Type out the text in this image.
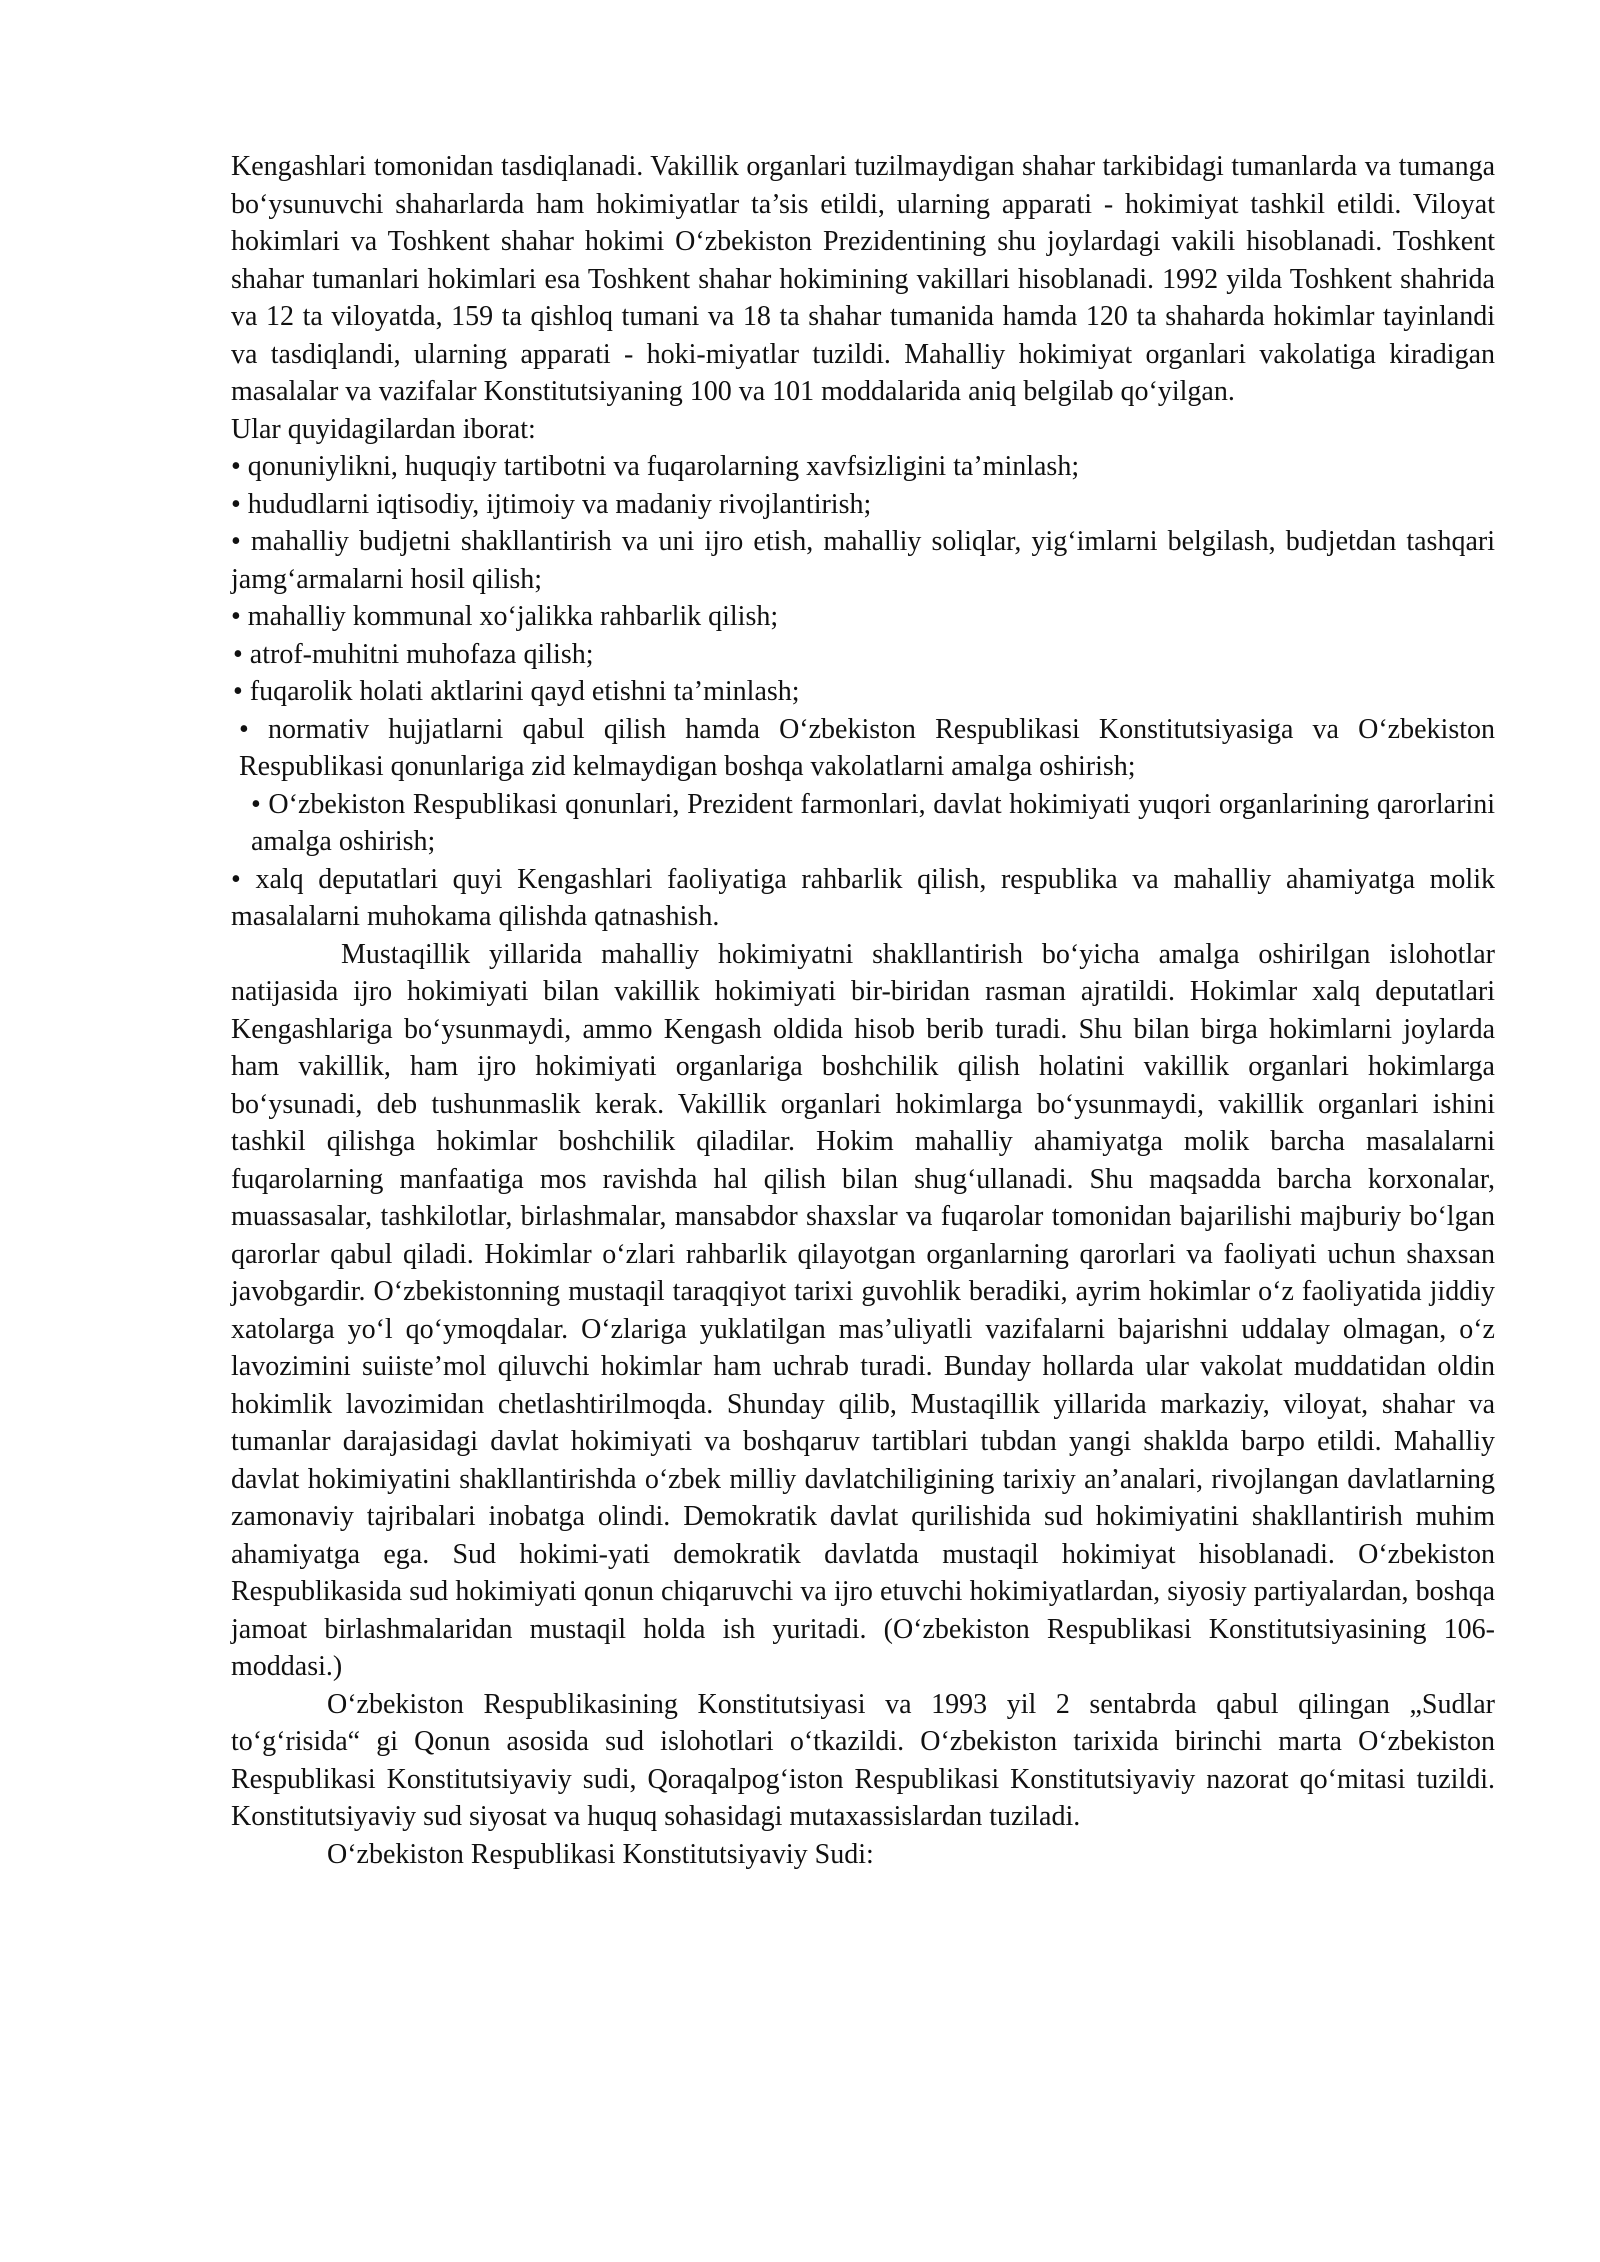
Kengashlari tomonidan tasdiqlanadi. Vakillik organlari tuzilmaydigan shahar tarkibidagi tumanlarda va tumanga bo‘ysunuvchi shaharlarda ham hokimiyatlar ta’sis etildi, ularning apparati - hokimiyat tashkil etildi. Viloyat hokimlari va Toshkent shahar hokimi O‘zbekiston Prezidentining shu joylardagi vakili hisoblanadi. Toshkent shahar tumanlari hokimlari esa Toshkent shahar hokimining vakillari hisoblanadi. 1992 yilda Toshkent shahrida va 12 ta viloyatda, 159 ta qishloq tumani va 18 ta shahar tumanida hamda 120 ta shaharda hokimlar tayinlandi va tasdiqlandi, ularning apparati - hoki-miyatlar tuzildi. Mahalliy hokimiyat organlari vakolatiga kiradigan masalalar va vazifalar Konstitutsiyaning 100 va 101 moddalarida aniq belgilab qo‘yilgan.

Ular quyidagilardan iborat:

• qonuniylikni, huquqiy tartibotni va fuqarolarning xavfsizligini ta’minlash;

• hududlarni iqtisodiy, ijtimoiy va madaniy rivojlantirish;

• mahalliy budjetni shakllantirish va uni ijro etish, mahalliy soliqlar, yig‘imlarni belgilash, budjetdan tashqari jamg‘armalarni hosil qilish;

• mahalliy kommunal xo‘jalikka rahbarlik qilish;

• atrof-muhitni muhofaza qilish;

• fuqarolik holati aktlarini qayd etishni ta’minlash;

• normativ hujjatlarni qabul qilish hamda O‘zbekiston Respublikasi Konstitutsiyasiga va O‘zbekiston Respublikasi qonunlariga zid kelmaydigan boshqa vakolatlarni amalga oshirish;

• O‘zbekiston Respublikasi qonunlari, Prezident farmonlari, davlat hokimiyati yuqori organlarining qarorlarini amalga oshirish;

• xalq deputatlari quyi Kengashlari faoliyatiga rahbarlik qilish, respublika va mahalliy ahamiyatga molik masalalarni muhokama qilishda qatnashish.

Mustaqillik yillarida mahalliy hokimiyatni shakllantirish bo‘yicha amalga oshirilgan islohotlar natijasida ijro hokimiyati bilan vakillik hokimiyati bir-biridan rasman ajratildi. Hokimlar xalq deputatlari Kengashlariga bo‘ysunmaydi, ammo Kengash oldida hisob berib turadi. Shu bilan birga hokimlarni joylarda ham vakillik, ham ijro hokimiyati organlariga boshchilik qilish holatini vakillik organlari hokimlarga bo‘ysunadi, deb tushunmaslik kerak. Vakillik organlari hokimlarga bo‘ysunmaydi, vakillik organlari ishini tashkil qilishga hokimlar boshchilik qiladilar. Hokim mahalliy ahamiyatga molik barcha masalalarni fuqarolarning manfaatiga mos ravishda hal qilish bilan shug‘ullanadi. Shu maqsadda barcha korxonalar, muassasalar, tashkilotlar, birlashmalar, mansabdor shaxslar va fuqarolar tomonidan bajarilishi majburiy bo‘lgan qarorlar qabul qiladi. Hokimlar o‘zlari rahbarlik qilayotgan organlarning qarorlari va faoliyati uchun shaxsan javobgardir. O‘zbekistonning mustaqil taraqqiyot tarixi guvohlik beradiki, ayrim hokimlar o‘z faoliyatida jiddiy xatolarga yo‘l qo‘ymoqdalar. O‘zlariga yuklatilgan mas’uliyatli vazifalarni bajarishni uddalay olmagan, o‘z lavozimini suiiste’mol qiluvchi hokimlar ham uchrab turadi. Bunday hollarda ular vakolat muddatidan oldin hokimlik lavozimidan chetlashtirilmoqda. Shunday qilib, Mustaqillik yillarida markaziy, viloyat, shahar va tumanlar darajasidagi davlat hokimiyati va boshqaruv tartiblari tubdan yangi shaklda barpo etildi. Mahalliy davlat hokimiyatini shakllantirishda o‘zbek milliy davlatchiligining tarixiy an’analari, rivojlangan davlatlarning zamonaviy tajribalari inobatga olindi. Demokratik davlat qurilishida sud hokimiyatini shakllantirish muhim ahamiyatga ega. Sud hokimi-yati demokratik davlatda mustaqil hokimiyat hisoblanadi. O‘zbekiston Respublikasida sud hokimiyati qonun chiqaruvchi va ijro etuvchi hokimiyatlardan, siyosiy partiyalardan, boshqa jamoat birlashmalaridan mustaqil holda ish yuritadi. (O‘zbekiston Respublikasi Konstitutsiyasining 106-moddasi.)

O‘zbekiston Respublikasining Konstitutsiyasi va 1993 yil 2 sentabrda qabul qilingan „Sudlar to‘g‘risida“ gi Qonun asosida sud islohotlari o‘tkazildi. O‘zbekiston tarixida birinchi marta O‘zbekiston Respublikasi Konstitutsiyaviy sudi, Qoraqalpog‘iston Respublikasi Konstitutsiyaviy nazorat qo‘mitasi tuzildi. Konstitutsiyaviy sud siyosat va huquq sohasidagi mutaxassislardan tuziladi.

O‘zbekiston Respublikasi Konstitutsiyaviy Sudi:
